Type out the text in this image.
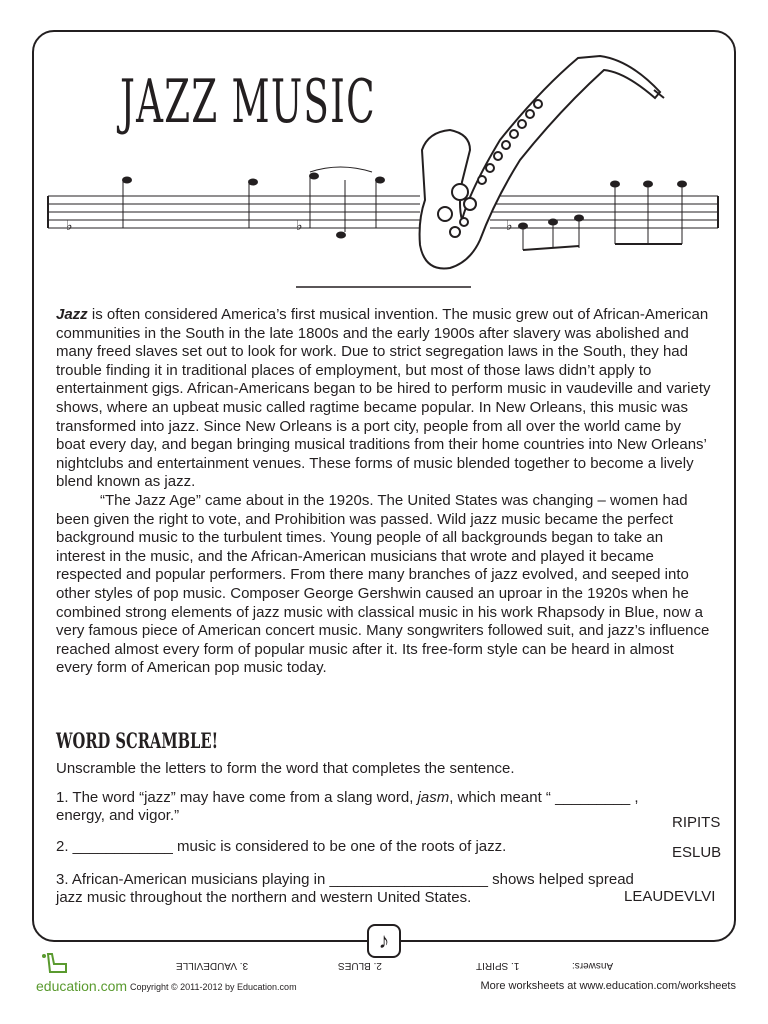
JAZZ MUSIC
♭	♭	♭

Jazz is often considered America’s first musical invention. The music grew out of African-American communities in the South in the late 1800s and the early 1900s after slavery was abolished and many freed slaves set out to look for work. Due to strict segregation laws in the South, they had trouble finding it in traditional places of employment, but most of those laws didn’t apply to entertainment gigs. African-Americans began to be hired to perform music in vaudeville and variety shows, where an upbeat music called ragtime became popular. In New Orleans, this music was transformed into jazz. Since New Orleans is a port city, people from all over the world came by boat every day, and began bringing musical traditions from their home countries into New Orleans’ nightclubs and entertainment venues. These forms of music blended together to become a lively blend known as jazz.

“The Jazz Age” came about in the 1920s. The United States was changing – women had been given the right to vote, and Prohibition was passed. Wild jazz music became the perfect background music to the turbulent times. Young people of all backgrounds began to take an interest in the music, and the African-American musicians that wrote and played it became respected and popular performers. From there many branches of jazz evolved, and seeped into other styles of pop music. Composer George Gershwin caused an uproar in the 1920s when he combined strong elements of jazz music with classical music in his work Rhapsody in Blue, now a very famous piece of American concert music. Many songwriters followed suit, and jazz’s influence reached almost every form of popular music after it. Its free-form style can be heard in almost every form of American pop music today.

WORD SCRAMBLE!

Unscramble the letters to form the word that completes the sentence.

1. The word “jazz” may have come from a slang word, jasm, which meant “ _________ ,
energy, and vigor.”	RIPITS

2. ____________ music is considered to be one of the roots of jazz.	ESLUB

3. African-American musicians playing in ___________________ shows helped spread
jazz music throughout the northern and western United States.	LEAUDEVLVI

♪
Answers:
1. SPIRIT
2. BLUES
3. VAUDEVILLE
education.com Copyright © 2011-2012 by Education.com	More worksheets at www.education.com/worksheets
